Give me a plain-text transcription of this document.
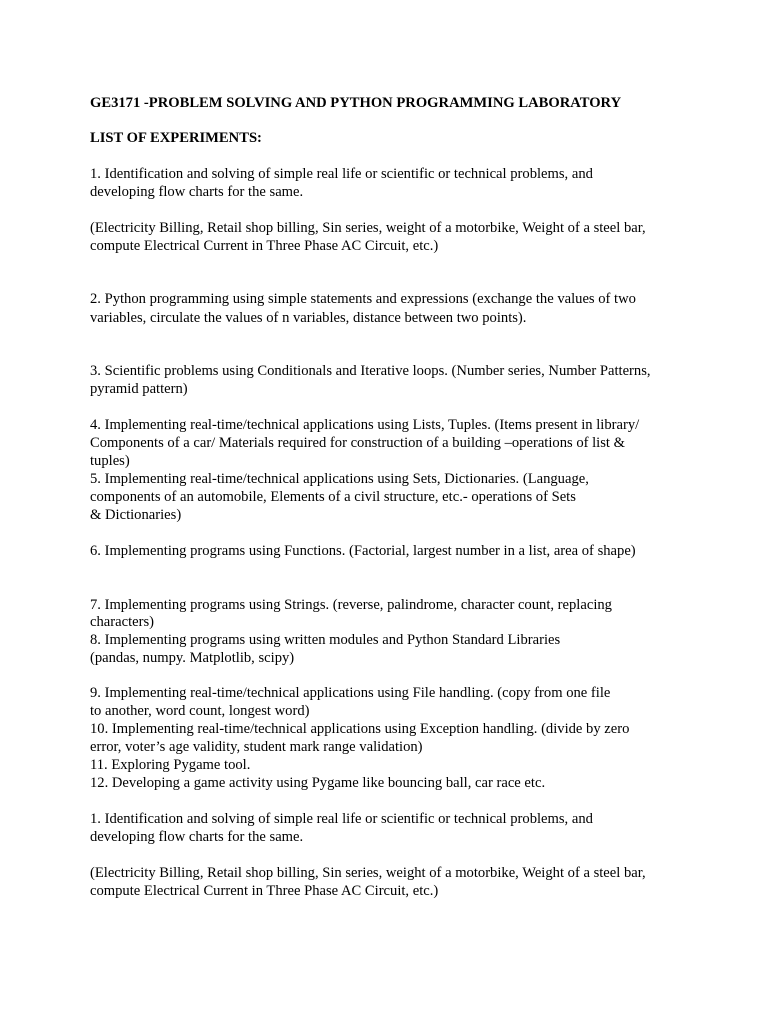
GE3171 -PROBLEM SOLVING AND PYTHON PROGRAMMING LABORATORY
LIST OF EXPERIMENTS:
1. Identification and solving of simple real life or scientific or technical problems, and
developing flow charts for the same.
(Electricity Billing, Retail shop billing, Sin series, weight of a motorbike, Weight of a steel bar,
compute Electrical Current in Three Phase AC Circuit, etc.)
2. Python programming using simple statements and expressions (exchange the values of two
variables, circulate the values of n variables, distance between two points).
3. Scientific problems using Conditionals and Iterative loops. (Number series, Number Patterns,
pyramid pattern)
4. Implementing real-time/technical applications using Lists, Tuples. (Items present in library/
Components of a car/ Materials required for construction of a building –operations of list &
tuples)
5. Implementing real-time/technical applications using Sets, Dictionaries. (Language,
components of an automobile, Elements of a civil structure, etc.- operations of Sets
& Dictionaries)
6. Implementing programs using Functions. (Factorial, largest number in a list, area of shape)
7. Implementing programs using Strings. (reverse, palindrome, character count, replacing
characters)
8. Implementing programs using written modules and Python Standard Libraries
(pandas, numpy. Matplotlib, scipy)
9. Implementing real-time/technical applications using File handling. (copy from one file
to another, word count, longest word)
10. Implementing real-time/technical applications using Exception handling. (divide by zero
error, voter’s age validity, student mark range validation)
11. Exploring Pygame tool.
12. Developing a game activity using Pygame like bouncing ball, car race etc.
1. Identification and solving of simple real life or scientific or technical problems, and
developing flow charts for the same.
(Electricity Billing, Retail shop billing, Sin series, weight of a motorbike, Weight of a steel bar,
compute Electrical Current in Three Phase AC Circuit, etc.)
